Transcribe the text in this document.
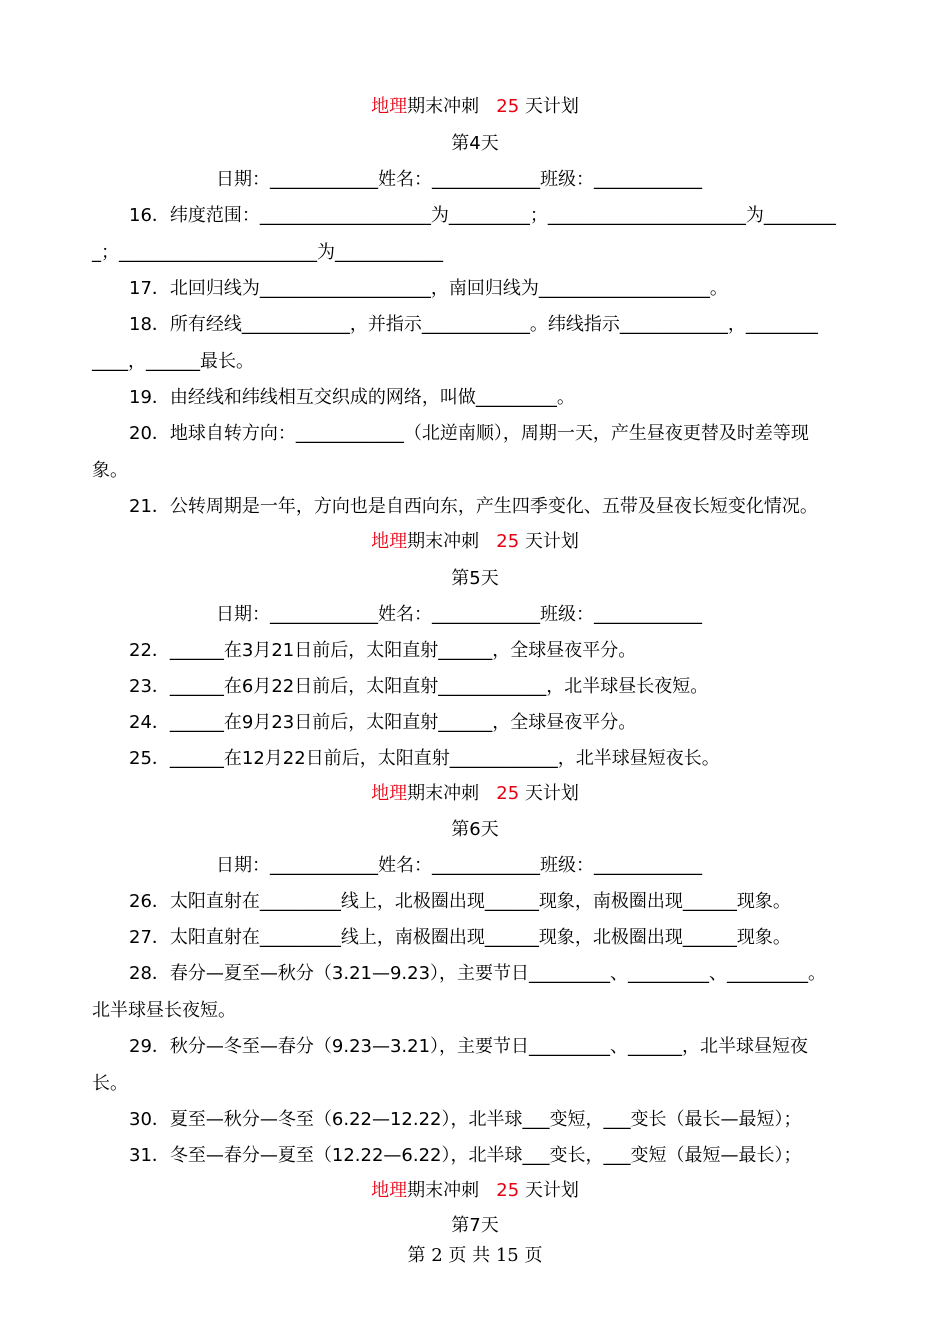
地理期末冲刺 25 天计划
第4天
日期：____________姓名：____________班级：____________
16．纬度范围：___________________为_________；______________________为________
_；______________________为____________
17．北回归线为___________________，南回归线为___________________。
18．所有经线____________，并指示____________。纬线指示____________，________
____，______最长。
19．由经线和纬线相互交织成的网络，叫做_________。
20．地球自转方向：____________（北逆南顺），周期一天，产生昼夜更替及时差等现
象。
21．公转周期是一年，方向也是自西向东，产生四季变化、五带及昼夜长短变化情况。
地理期末冲刺 25 天计划
第5天
日期：____________姓名：____________班级：____________
22．______在3月21日前后，太阳直射______，全球昼夜平分。
23．______在6月22日前后，太阳直射____________，北半球昼长夜短。
24．______在9月23日前后，太阳直射______，全球昼夜平分。
25．______在12月22日前后，太阳直射____________，北半球昼短夜长。
地理期末冲刺 25 天计划
第6天
日期：____________姓名：____________班级：____________
26．太阳直射在_________线上，北极圈出现______现象，南极圈出现______现象。
27．太阳直射在_________线上，南极圈出现______现象，北极圈出现______现象。
28．春分—夏至—秋分（3.21—9.23），主要节日_________、_________、_________。
北半球昼长夜短。
29．秋分—冬至—春分（9.23—3.21），主要节日_________、______，北半球昼短夜
长。
30．夏至—秋分—冬至（6.22—12.22），北半球___变短，___变长（最长—最短）；
31．冬至—春分—夏至（12.22—6.22），北半球___变长，___变短（最短—最长）；
地理期末冲刺 25 天计划
第7天
第 2 页 共 15 页
